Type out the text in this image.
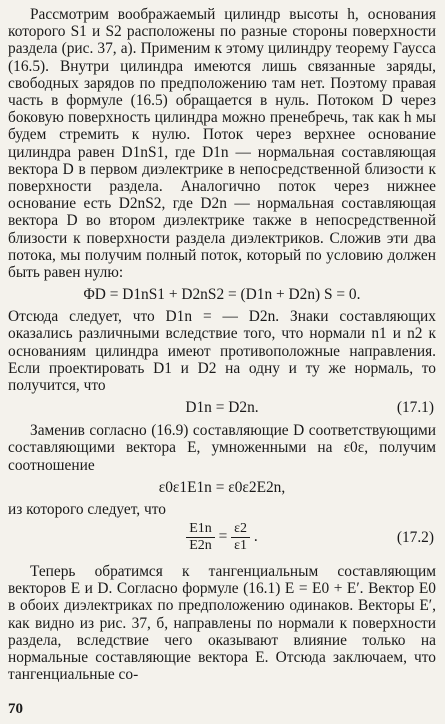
Рассмотрим воображаемый цилиндр высоты h, основания которого S1 и S2 расположены по разные стороны поверхности раздела (рис. 37, а). Применим к этому цилиндру теорему Гаусса (16.5). Внутри цилиндра имеются лишь связанные заряды, свободных зарядов по предположению там нет. Поэтому правая часть в формуле (16.5) обращается в нуль. Потоком D через боковую поверхность цилиндра можно пренебречь, так как h мы будем стремить к нулю. Поток через верхнее основание цилиндра равен D1nS1, где D1n — нормальная составляющая вектора D в первом диэлектрике в непосредственной близости к поверхности раздела. Аналогично поток через нижнее основание есть D2nS2, где D2n — нормальная составляющая вектора D во втором диэлектрике также в непосредственной близости к поверхности раздела диэлектриков. Сложив эти два потока, мы получим полный поток, который по условию должен быть равен нулю:

ΦD = D1nS1 + D2nS2 = (D1n + D2n) S = 0.

Отсюда следует, что D1n = — D2n. Знаки составляющих оказались различными вследствие того, что нормали n1 и n2 к основаниям цилиндра имеют противоположные направления. Если проектировать D1 и D2 на одну и ту же нормаль, то получится, что

D1n = D2n.	(17.1)

Заменив согласно (16.9) составляющие D соответствующими составляющими вектора E, умноженными на ε0ε, получим соотношение

ε0ε1E1n = ε0ε2E2n,

из которого следует, что

$\frac{E1n}{E2n} = \frac{\varepsilon 2}{\varepsilon 1}$ .	(17.2)

Теперь обратимся к тангенциальным составляющим векторов E и D. Согласно формуле (16.1) E = E0 + E′. Вектор E0 в обоих диэлектриках по предположению одинаков. Векторы E′, как видно из рис. 37, б, направлены по нормали к поверхности раздела, вследствие чего оказывают влияние только на нормальные составляющие вектора E. Отсюда заключаем, что тангенциальные со-

70
